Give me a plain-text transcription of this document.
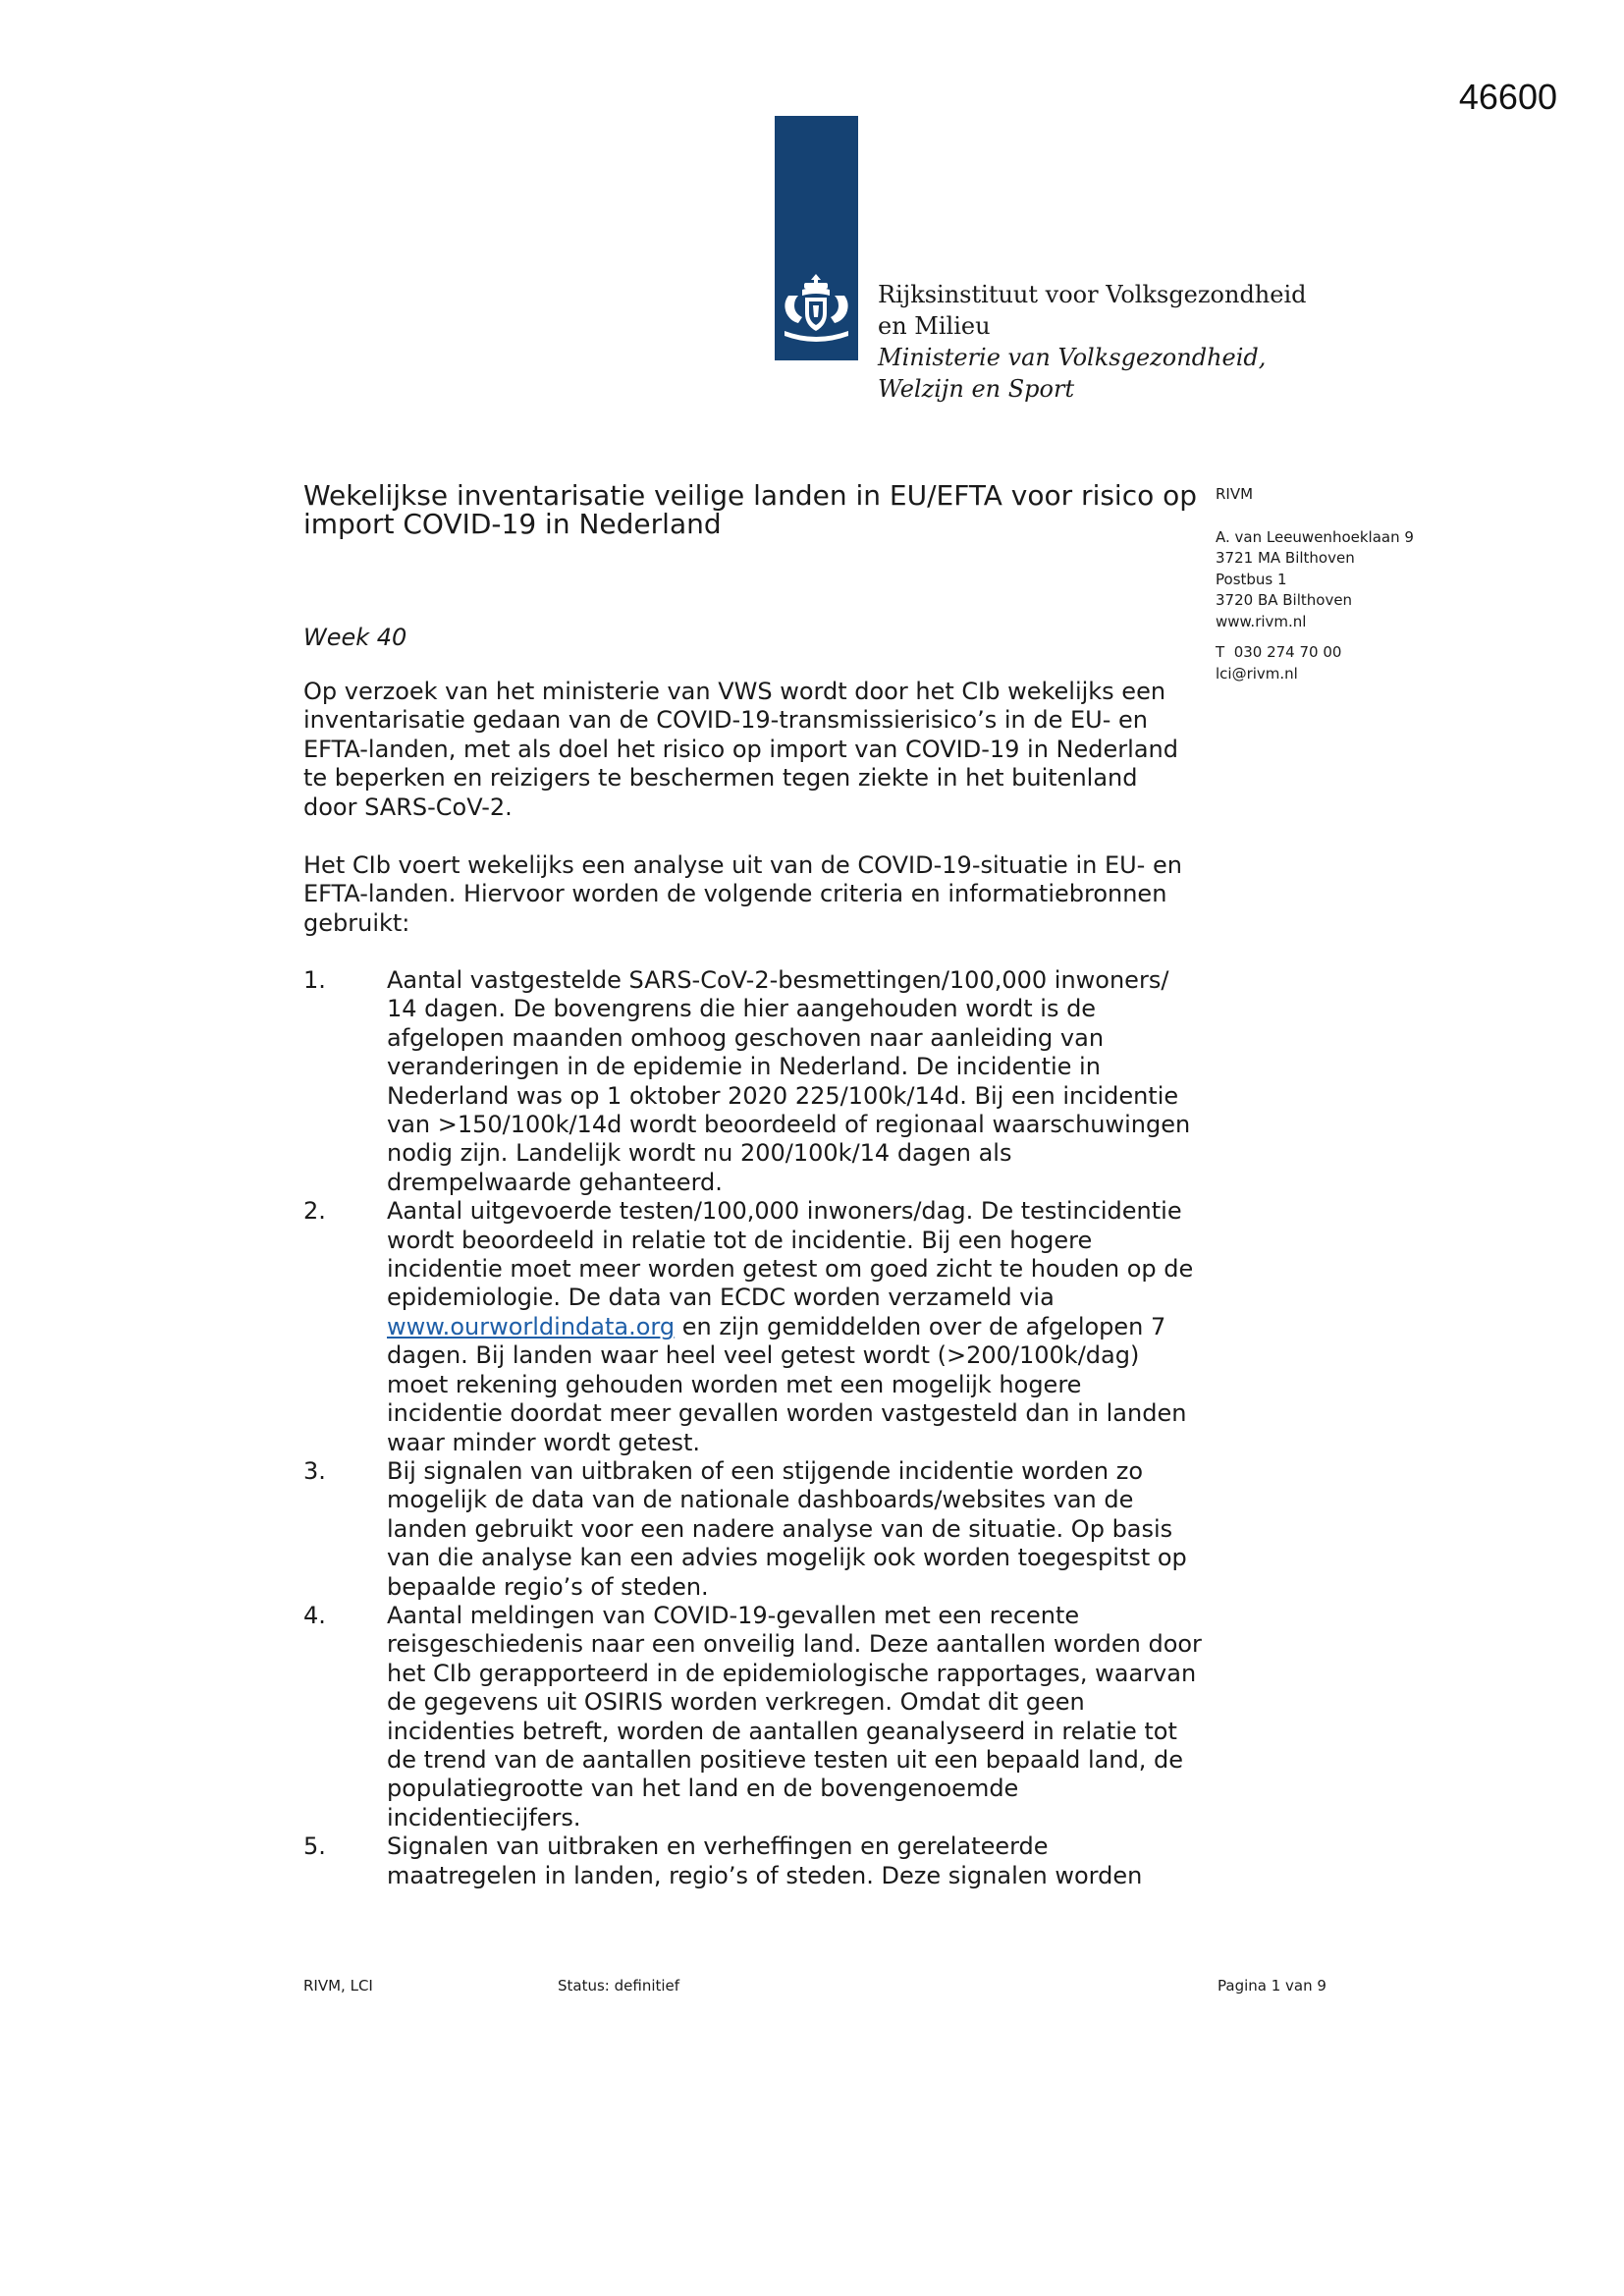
46600
Rijksinstituut voor Volksgezondheid
en Milieu
Ministerie van Volksgezondheid,
Welzijn en Sport
Wekelijkse inventarisatie veilige landen in EU/EFTA voor risico op import COVID-19 in Nederland
Week 40
Op verzoek van het ministerie van VWS wordt door het CIb wekelijks een inventarisatie gedaan van de COVID-19-transmissierisico’s in de EU- en EFTA-landen, met als doel het risico op import van COVID-19 in Nederland te beperken en reizigers te beschermen tegen ziekte in het buitenland door SARS-CoV-2.
Het CIb voert wekelijks een analyse uit van de COVID-19-situatie in EU- en EFTA-landen. Hiervoor worden de volgende criteria en informatiebronnen gebruikt:
1.	Aantal vastgestelde SARS-CoV-2-besmettingen/100,000 inwoners/ 14 dagen. De bovengrens die hier aangehouden wordt is de afgelopen maanden omhoog geschoven naar aanleiding van veranderingen in de epidemie in Nederland. De incidentie in Nederland was op 1 oktober 2020 225/100k/14d. Bij een incidentie van >150/100k/14d wordt beoordeeld of regionaal waarschuwingen nodig zijn. Landelijk wordt nu 200/100k/14 dagen als drempelwaarde gehanteerd.
2.	Aantal uitgevoerde testen/100,000 inwoners/dag. De testincidentie wordt beoordeeld in relatie tot de incidentie. Bij een hogere incidentie moet meer worden getest om goed zicht te houden op de epidemiologie. De data van ECDC worden verzameld via www.ourworldindata.org en zijn gemiddelden over de afgelopen 7 dagen. Bij landen waar heel veel getest wordt (>200/100k/dag) moet rekening gehouden worden met een mogelijk hogere incidentie doordat meer gevallen worden vastgesteld dan in landen waar minder wordt getest.
3.	Bij signalen van uitbraken of een stijgende incidentie worden zo mogelijk de data van de nationale dashboards/websites van de landen gebruikt voor een nadere analyse van de situatie. Op basis van die analyse kan een advies mogelijk ook worden toegespitst op bepaalde regio’s of steden.
4.	Aantal meldingen van COVID-19-gevallen met een recente reisgeschiedenis naar een onveilig land. Deze aantallen worden door het CIb gerapporteerd in de epidemiologische rapportages, waarvan de gegevens uit OSIRIS worden verkregen. Omdat dit geen incidenties betreft, worden de aantallen geanalyseerd in relatie tot de trend van de aantallen positieve testen uit een bepaald land, de populatiegrootte van het land en de bovengenoemde incidentiecijfers.
5.	Signalen van uitbraken en verheffingen en gerelateerde maatregelen in landen, regio’s of steden. Deze signalen worden
RIVM
A. van Leeuwenhoeklaan 9
3721 MA Bilthoven
Postbus 1
3720 BA Bilthoven
www.rivm.nl
T  030 274 70 00
lci@rivm.nl
RIVM, LCI	Status: definitief	Pagina 1 van 9
